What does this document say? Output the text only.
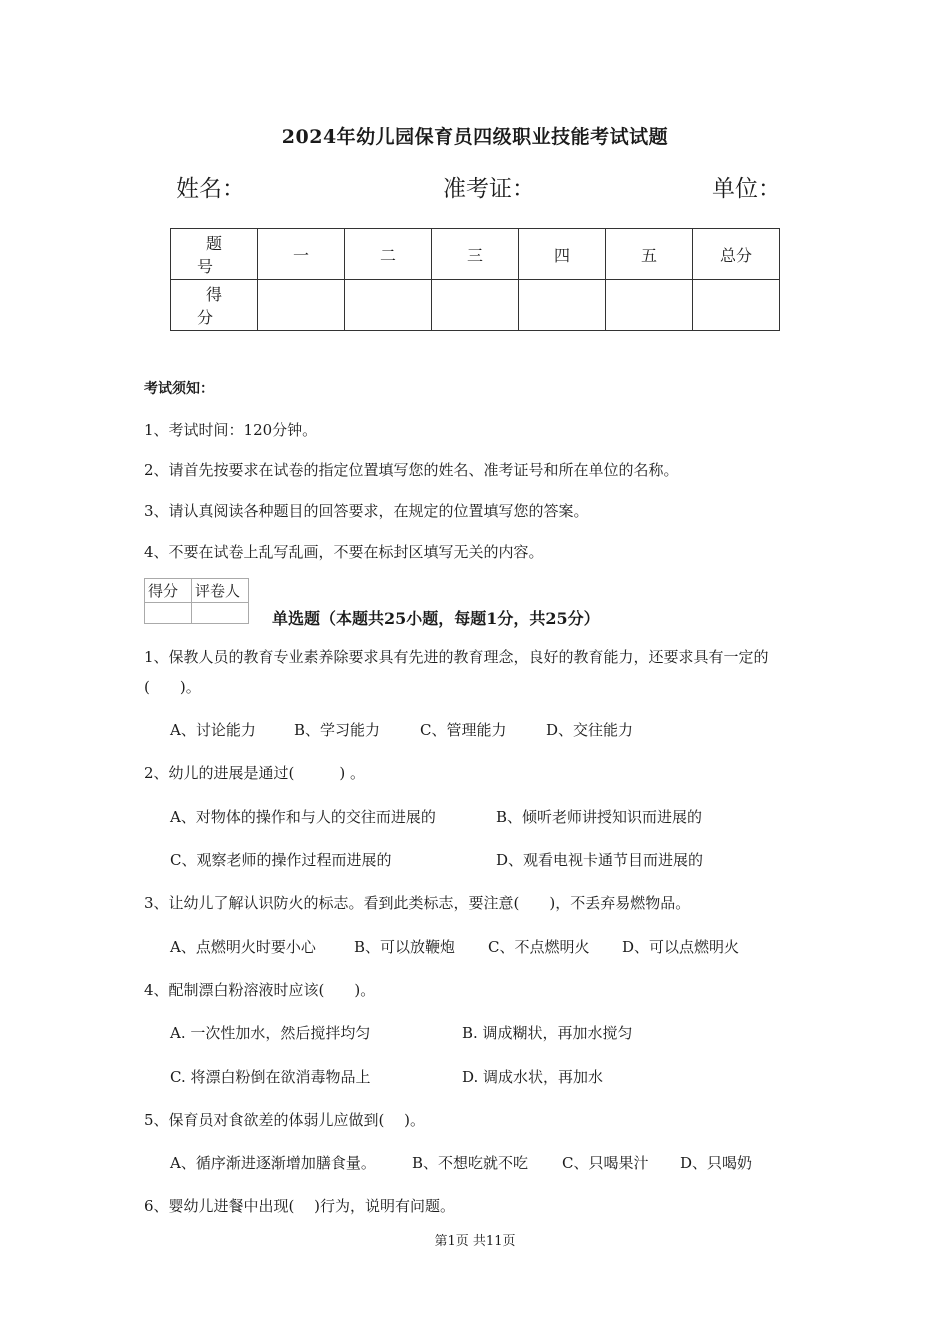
2024年幼儿园保育员四级职业技能考试试题
姓名：	准考证：	单位：
题　号	一	二	三	四	五	总分
得　分						
考试须知：
1、考试时间：120分钟。
2、请首先按要求在试卷的指定位置填写您的姓名、准考证号和所在单位的名称。
3、请认真阅读各种题目的回答要求，在规定的位置填写您的答案。
4、不要在试卷上乱写乱画，不要在标封区填写无关的内容。
得分	评卷人

单选题（本题共25小题，每题1分，共25分）
1、保教人员的教育专业素养除要求具有先进的教育理念，良好的教育能力，还要求具有一定的(　　)。
A、讨论能力	B、学习能力	C、管理能力	D、交往能力
2、幼儿的进展是通过(　　　) 。
A、对物体的操作和与人的交往而进展的	B、倾听老师讲授知识而进展的
C、观察老师的操作过程而进展的	D、观看电视卡通节目而进展的
3、让幼儿了解认识防火的标志。看到此类标志，要注意(　　)，不丢弃易燃物品。
A、点燃明火时要小心	B、可以放鞭炮 C、不点燃明火 D、可以点燃明火
4、配制漂白粉溶液时应该(　　)。
A. 一次性加水，然后搅拌均匀	B. 调成糊状，再加水搅匀
C. 将漂白粉倒在欲消毒物品上	D. 调成水状，再加水
5、保育员对食欲差的体弱儿应做到(　 )。
A、循序渐进逐渐增加膳食量。 B、不想吃就不吃 C、只喝果汁 D、只喝奶
6、婴幼儿进餐中出现(　 )行为，说明有问题。
第1页 共11页
